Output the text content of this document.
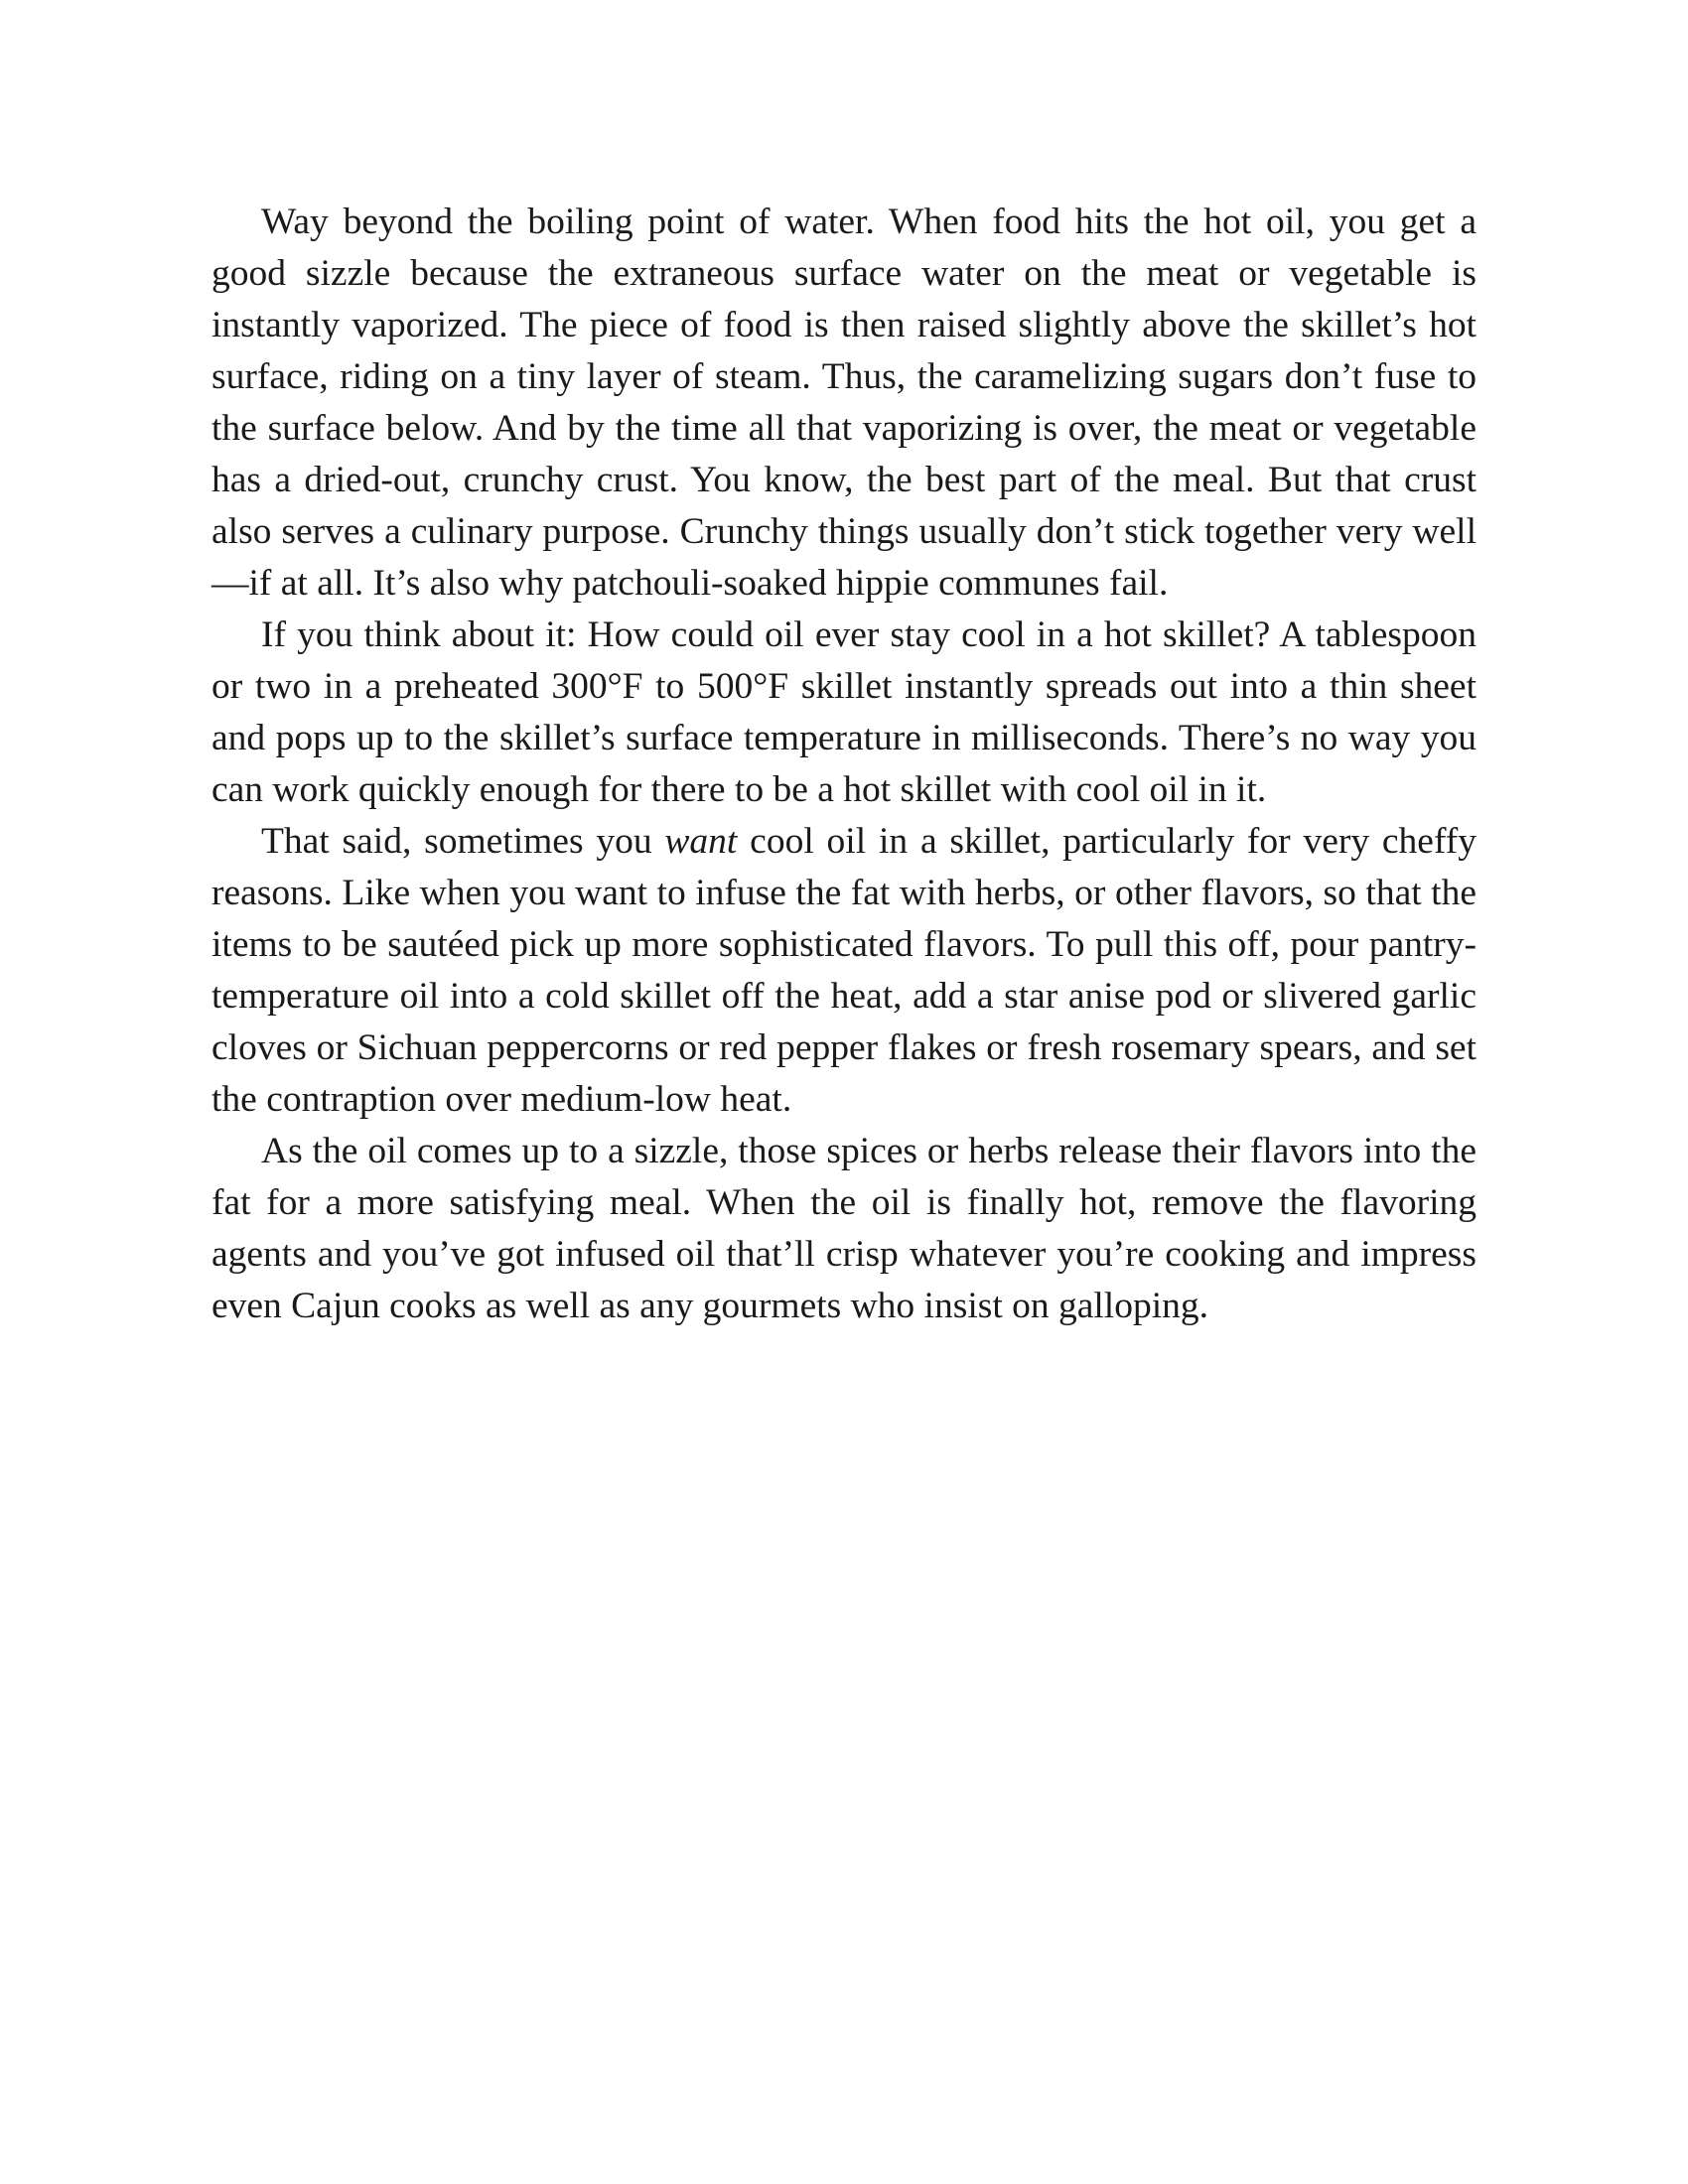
Way beyond the boiling point of water. When food hits the hot oil, you get a good sizzle because the extraneous surface water on the meat or vegetable is instantly vaporized. The piece of food is then raised slightly above the skillet’s hot surface, riding on a tiny layer of steam. Thus, the caramelizing sugars don’t fuse to the surface below. And by the time all that vaporizing is over, the meat or vegetable has a dried-out, crunchy crust. You know, the best part of the meal. But that crust also serves a culinary purpose. Crunchy things usually don’t stick together very well—if at all. It’s also why patchouli-soaked hippie communes fail.

If you think about it: How could oil ever stay cool in a hot skillet? A tablespoon or two in a preheated 300°F to 500°F skillet instantly spreads out into a thin sheet and pops up to the skillet’s surface temperature in milliseconds. There’s no way you can work quickly enough for there to be a hot skillet with cool oil in it.

That said, sometimes you want cool oil in a skillet, particularly for very cheffy reasons. Like when you want to infuse the fat with herbs, or other flavors, so that the items to be sautéed pick up more sophisticated flavors. To pull this off, pour pantry-temperature oil into a cold skillet off the heat, add a star anise pod or slivered garlic cloves or Sichuan peppercorns or red pepper flakes or fresh rosemary spears, and set the contraption over medium-low heat.

As the oil comes up to a sizzle, those spices or herbs release their flavors into the fat for a more satisfying meal. When the oil is finally hot, remove the flavoring agents and you’ve got infused oil that’ll crisp whatever you’re cooking and impress even Cajun cooks as well as any gourmets who insist on galloping.
